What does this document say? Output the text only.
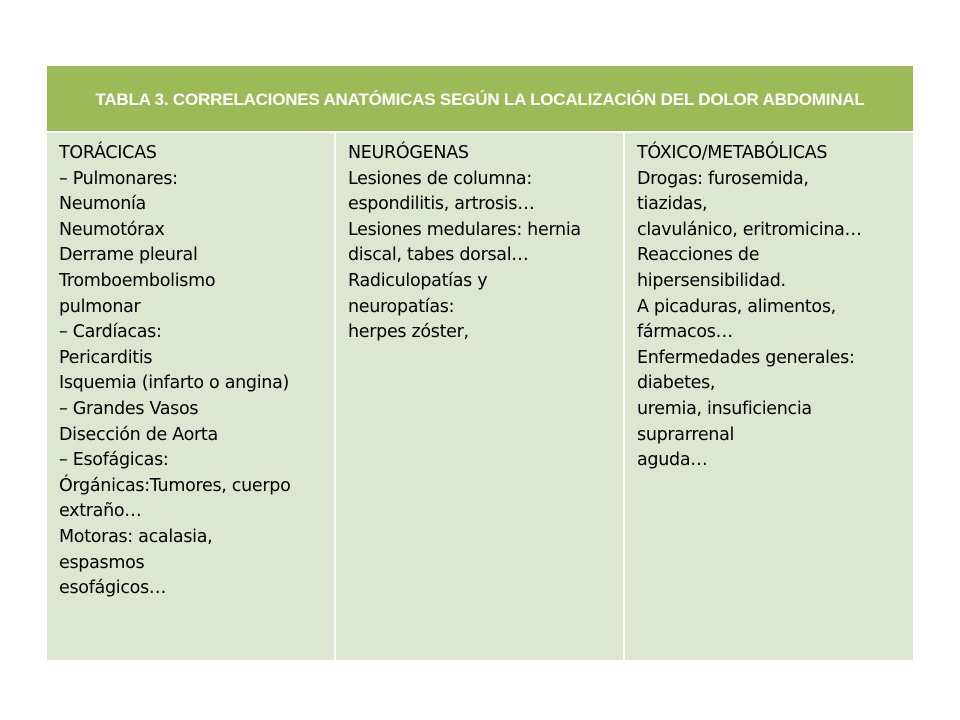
TABLA 3. CORRELACIONES ANATÓMICAS SEGÚN LA LOCALIZACIÓN DEL DOLOR ABDOMINAL
TORÁCICAS
– Pulmonares:
Neumonía
Neumotórax
Derrame pleural
Tromboembolismo
pulmonar
– Cardíacas:
Pericarditis
Isquemia (infarto o angina)
– Grandes Vasos
Disección de Aorta
– Esofágicas:
Órgánicas:Tumores, cuerpo
extraño…
Motoras: acalasia,
espasmos
esofágicos…
NEURÓGENAS
Lesiones de columna:
espondilitis, artrosis…
Lesiones medulares: hernia
discal, tabes dorsal…
Radiculopatías y
neuropatías:
herpes zóster,
TÓXICO/METABÓLICAS
Drogas: furosemida,
tiazidas,
clavulánico, eritromicina…
Reacciones de
hipersensibilidad.
A picaduras, alimentos,
fármacos…
Enfermedades generales:
diabetes,
uremia, insuficiencia
suprarrenal
aguda…
